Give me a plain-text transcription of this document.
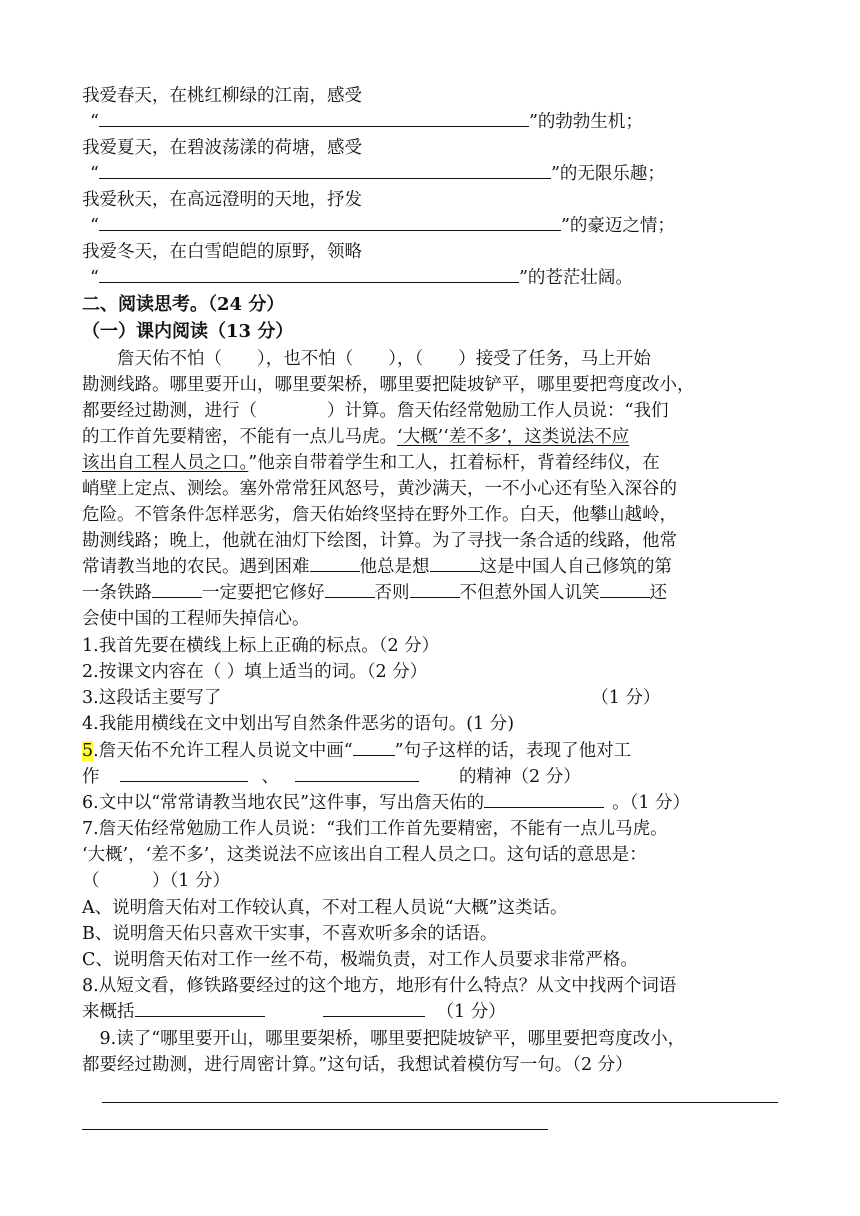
我爱春天，在桃红柳绿的江南，感受
“	”的勃勃生机；
我爱夏天，在碧波荡漾的荷塘，感受
“	”的无限乐趣；
我爱秋天，在高远澄明的天地，抒发
“	”的豪迈之情；
我爱冬天，在白雪皑皑的原野，领略
“	”的苍茫壮阔。
二、阅读思考。（24 分）
（一）课内阅读（13 分）
　　詹天佑不怕（　　），也不怕（　　），（　　）接受了任务，马上开始
勘测线路。哪里要开山，哪里要架桥，哪里要把陡坡铲平，哪里要把弯度改小，
都要经过勘测，进行（　　　　）计算。詹天佑经常勉励工作人员说：“我们
的工作首先要精密，不能有一点儿马虎。‘大概’‘差不多’，这类说法不应
该出自工程人员之口。”他亲自带着学生和工人，扛着标杆，背着经纬仪，在
峭壁上定点、测绘。塞外常常狂风怒号，黄沙满天，一不小心还有坠入深谷的
危险。不管条件怎样恶劣，詹天佑始终坚持在野外工作。白天，他攀山越岭，
勘测线路；晚上，他就在油灯下绘图，计算。为了寻找一条合适的线路，他常
常请教当地的农民。遇到困难	他总是想	这是中国人自己修筑的第
一条铁路	一定要把它修好	否则	不但惹外国人讥笑	还
会使中国的工程师失掉信心。
1.我首先要在横线上标上正确的标点。（2 分）
2.按课文内容在（ ）填上适当的词。（2 分）
3.这段话主要写了	（1 分）
4.我能用横线在文中划出写自然条件恶劣的语句。(1 分)
5.詹天佑不允许工程人员说文中画“ ”句子这样的话，表现了他对工
作	、	的精神（2 分）
6.文中以“常常请教当地农民”这件事，写出詹天佑的	。（1 分）
7.詹天佑经常勉励工作人员说：“我们工作首先要精密，不能有一点儿马虎。
‘大概’，‘差不多’，这类说法不应该出自工程人员之口。这句话的意思是：
（　　　）（1 分）
A、说明詹天佑对工作较认真，不对工程人员说“大概”这类话。
B、说明詹天佑只喜欢干实事，不喜欢听多余的话语。
C、说明詹天佑对工作一丝不苟，极端负责，对工作人员要求非常严格。
8.从短文看，修铁路要经过的这个地方，地形有什么特点？从文中找两个词语
来概括	（1 分）
　9.读了“哪里要开山，哪里要架桥，哪里要把陡坡铲平，哪里要把弯度改小，
都要经过勘测，进行周密计算。”这句话，我想试着模仿写一句。（2 分）
